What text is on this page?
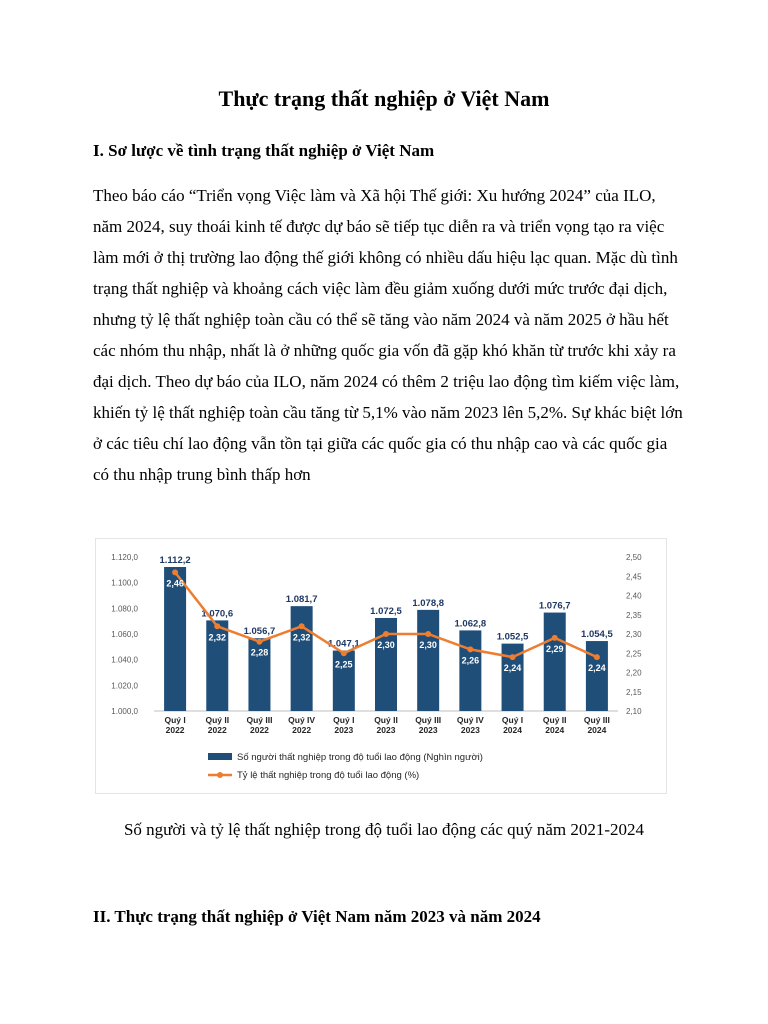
Thực trạng thất nghiệp ở Việt Nam
I. Sơ lược về tình trạng thất nghiệp ở Việt Nam

Theo báo cáo “Triển vọng Việc làm và Xã hội Thế giới: Xu hướng 2024” của ILO, năm 2024, suy thoái kinh tế được dự báo sẽ tiếp tục diễn ra và triển vọng tạo ra việc làm mới ở thị trường lao động thế giới không có nhiều dấu hiệu lạc quan. Mặc dù tình trạng thất nghiệp và khoảng cách việc làm đều giảm xuống dưới mức trước đại dịch, nhưng tỷ lệ thất nghiệp toàn cầu có thể sẽ tăng vào năm 2024 và năm 2025 ở hầu hết các nhóm thu nhập, nhất là ở những quốc gia vốn đã gặp khó khăn từ trước khi xảy ra đại dịch. Theo dự báo của ILO, năm 2024 có thêm 2 triệu lao động tìm kiếm việc làm, khiến tỷ lệ thất nghiệp toàn cầu tăng từ 5,1% vào năm 2023 lên 5,2%. Sự khác biệt lớn ở các tiêu chí lao động vẫn tồn tại giữa các quốc gia có thu nhập cao và các quốc gia có thu nhập trung bình thấp hơn

1.000,0
1.020,0
1.040,0
1.060,0
1.080,0
1.100,0
1.120,0
2,10
2,15
2,20
2,25
2,30
2,35
2,40
2,45
2,50
1.112,2
1.070,6
1.056,7
1.081,7
1.047,1
1.072,5
1.078,8
1.062,8
1.052,5
1.076,7
1.054,5
2,46
2,32
2,28
2,32
2,25
2,30	2,30
2,26
2,24
2,29
2,24
Quý I
2022
Quý II
2022
Quý III
2022
Quý IV
2022
Quý I
2023
Quý II
2023
Quý III
2023
Quý IV
2023
Quý I
2024
Quý II
2024
Quý III
2024
Số người thất nghiệp trong độ tuổi lao động (Nghìn người)
Tỷ lệ thất nghiệp trong độ tuổi lao động (%)

Số người và tỷ lệ thất nghiệp trong độ tuổi lao động các quý năm 2021-2024

II. Thực trạng thất nghiệp ở Việt Nam năm 2023 và năm 2024
